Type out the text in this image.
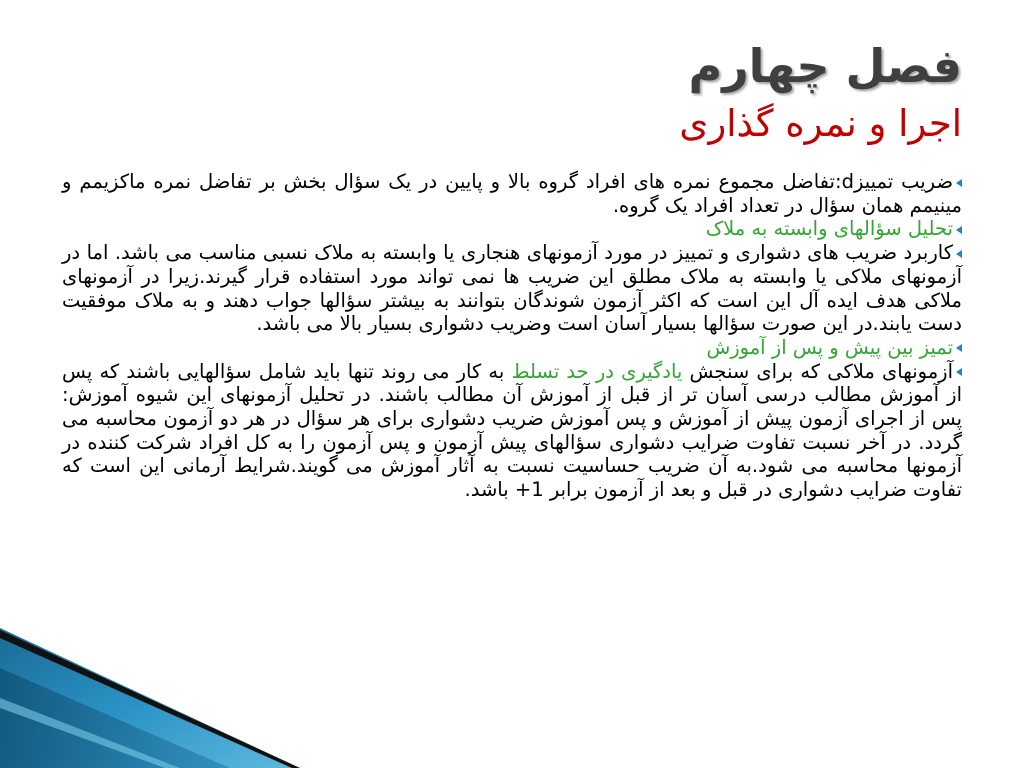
فصل چهارم
اجرا و نمره گذاری

ضریب تمییزd:تفاضل مجموع نمره های افراد گروه بالا و پایین در یک سؤال بخش بر تفاضل نمره ماکزیمم و مینیمم همان سؤال در تعداد افراد یک گروه.

تحلیل سؤالهای وابسته به ملاک

کاربرد ضریب های دشواری و تمییز در مورد آزمونهای هنجاری یا وابسته به ملاک نسبی مناسب می باشد. اما در آزمونهای ملاکی یا وابسته به ملاک مطلق این ضریب ها نمی تواند مورد استفاده قرار گیرند.زیرا در آزمونهای ملاکی هدف ایده آل این است که اکثر آزمون شوندگان بتوانند به بیشتر سؤالها جواب دهند و به ملاک موفقیت دست یابند.در این صورت سؤالها بسیار آسان است وضریب دشواری بسیار بالا می باشد.

تمیز بین پیش و پس از آموزش

آزمونهای ملاکی که برای سنجش یادگیری در حد تسلط به کار می روند تنها باید شامل سؤالهایی باشند که پس از آموزش مطالب درسی آسان تر از قبل از آموزش آن مطالب باشند. در تحلیل آزمونهای این شیوه آموزش: پس از اجرای آزمون پیش از آموزش و پس آموزش ضریب دشواری برای هر سؤال در هر دو آزمون محاسبه می گردد. در آخر نسبت تفاوت ضرایب دشواری سؤالهای پیش آزمون و پس آزمون را به کل افراد شرکت کننده در آزمونها محاسبه می شود.به آن ضریب حساسیت نسبت به آثار آموزش می گویند.شرایط آرمانی این است که تفاوت ضرایب دشواری در قبل و بعد از آزمون برابر 1+ باشد.
